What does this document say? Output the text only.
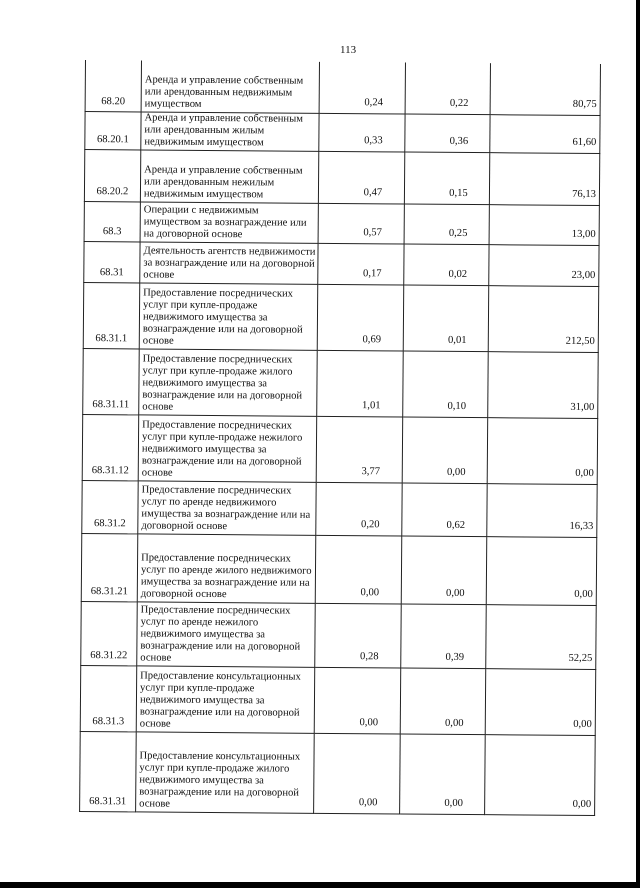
113
68.20	Аренда и управление собственным или арендованным недвижимым имуществом	0,24	0,22	80,75
68.20.1	Аренда и управление собственным или арендованным жилым недвижимым имуществом	0,33	0,36	61,60
68.20.2	Аренда и управление собственным или арендованным нежилым недвижимым имуществом	0,47	0,15	76,13
68.3	Операции с недвижимым имуществом за вознаграждение или на договорной основе	0,57	0,25	13,00
68.31	Деятельность агентств недвижимости за вознаграждение или на договорной основе	0,17	0,02	23,00
68.31.1	Предоставление посреднических услуг при купле-продаже недвижимого имущества за вознаграждение или на договорной основе	0,69	0,01	212,50
68.31.11	Предоставление посреднических услуг при купле-продаже жилого недвижимого имущества за вознаграждение или на договорной основе	1,01	0,10	31,00
68.31.12	Предоставление посреднических услуг при купле-продаже нежилого недвижимого имущества за вознаграждение или на договорной основе	3,77	0,00	0,00
68.31.2	Предоставление посреднических услуг по аренде недвижимого имущества за вознаграждение или на договорной основе	0,20	0,62	16,33
68.31.21	Предоставление посреднических услуг по аренде жилого недвижимого имущества за вознаграждение или на договорной основе	0,00	0,00	0,00
68.31.22	Предоставление посреднических услуг по аренде нежилого недвижимого имущества за вознаграждение или на договорной основе	0,28	0,39	52,25
68.31.3	Предоставление консультационных услуг при купле-продаже недвижимого имущества за вознаграждение или на договорной основе	0,00	0,00	0,00
68.31.31	Предоставление консультационных услуг при купле-продаже жилого недвижимого имущества за вознаграждение или на договорной основе	0,00	0,00	0,00
